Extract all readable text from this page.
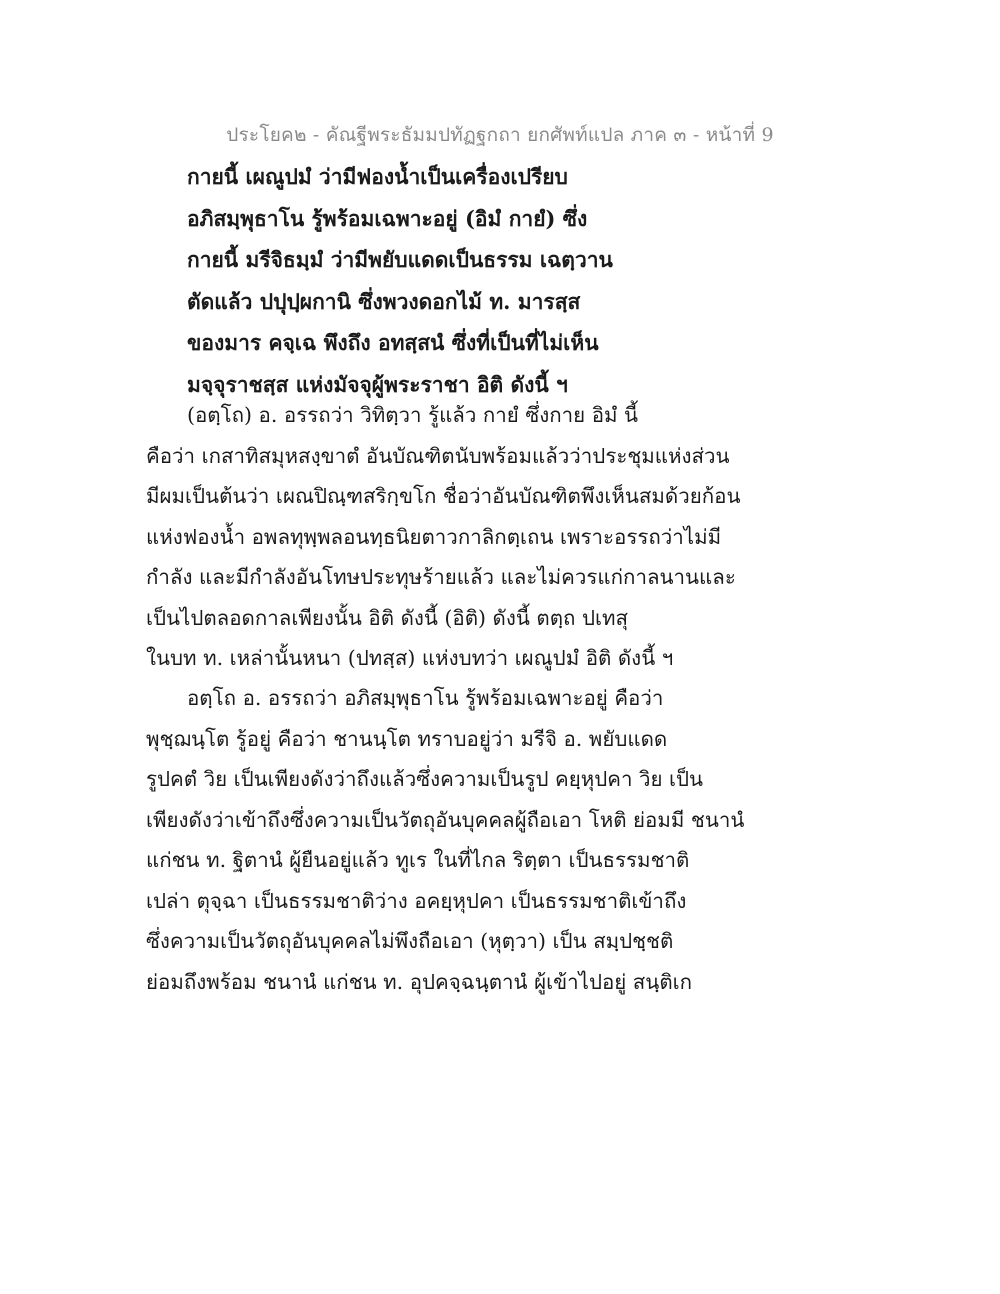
ประโยค๒ - คัณฐีพระธัมมปทัฏฐกถา ยกศัพท์แปล ภาค ๓ - หน้าที่ 9
กายนี้ เผณูปมํ ว่ามีฟองน้ำเป็นเครื่องเปรียบ
อภิสมฺพุธาโน รู้พร้อมเฉพาะอยู่ (อิมํ กายํ) ซึ่ง
กายนี้ มรีจิธมฺมํ ว่ามีพยับแดดเป็นธรรม เฉตฺวาน
ตัดแล้ว ปปุปฺผกานิ ซึ่งพวงดอกไม้ ท. มารสฺส
ของมาร คจฺเฉ พึงถึง อทสฺสนํ ซึ่งที่เป็นที่ไม่เห็น
มจฺจุราชสฺส แห่งมัจจุผู้พระราชา อิติ ดังนี้ ฯ
(อตฺโถ) อ. อรรถว่า วิทิตฺวา รู้แล้ว กายํ ซึ่งกาย อิมํ นี้
คือว่า เกสาทิสมุหสงฺขาตํ อันบัณฑิตนับพร้อมแล้วว่าประชุมแห่งส่วน
มีผมเป็นต้นว่า เผณปิณฺฑสริกฺขโก ชื่อว่าอันบัณฑิตพึงเห็นสมด้วยก้อน
แห่งฟองน้ำ อพลทุพฺพลอนทฺธนิยตาวกาลิกตฺเถน เพราะอรรถว่าไม่มี
กำลัง และมีกำลังอันโทษประทุษร้ายแล้ว และไม่ควรแก่กาลนานและ
เป็นไปตลอดกาลเพียงนั้น อิติ ดังนี้ (อิติ) ดังนี้ ตตฺถ ปเทสุ
ในบท ท. เหล่านั้นหนา (ปทสฺส) แห่งบทว่า เผณูปมํ อิติ ดังนี้ ฯ
อตฺโถ อ. อรรถว่า อภิสมฺพุธาโน รู้พร้อมเฉพาะอยู่ คือว่า
พุชฺฌนฺโต รู้อยู่ คือว่า ชานนฺโต ทราบอยู่ว่า มรีจิ อ. พยับแดด
รูปคตํ วิย เป็นเพียงดังว่าถึงแล้วซึ่งความเป็นรูป คยฺหุปคา วิย เป็น
เพียงดังว่าเข้าถึงซึ่งความเป็นวัตถุอันบุคคลผู้ถือเอา โหติ ย่อมมี ชนานํ
แก่ชน ท. ฐิตานํ ผู้ยืนอยู่แล้ว ทูเร ในที่ไกล ริตฺตา เป็นธรรมชาติ
เปล่า ตุจฺฉา เป็นธรรมชาติว่าง อคยฺหุปคา เป็นธรรมชาติเข้าถึง
ซึ่งความเป็นวัตถุอันบุคคลไม่พึงถือเอา (หุตฺวา) เป็น สมฺปชฺชติ
ย่อมถึงพร้อม ชนานํ แก่ชน ท. อุปคจฺฉนฺตานํ ผู้เข้าไปอยู่ สนฺติเก
